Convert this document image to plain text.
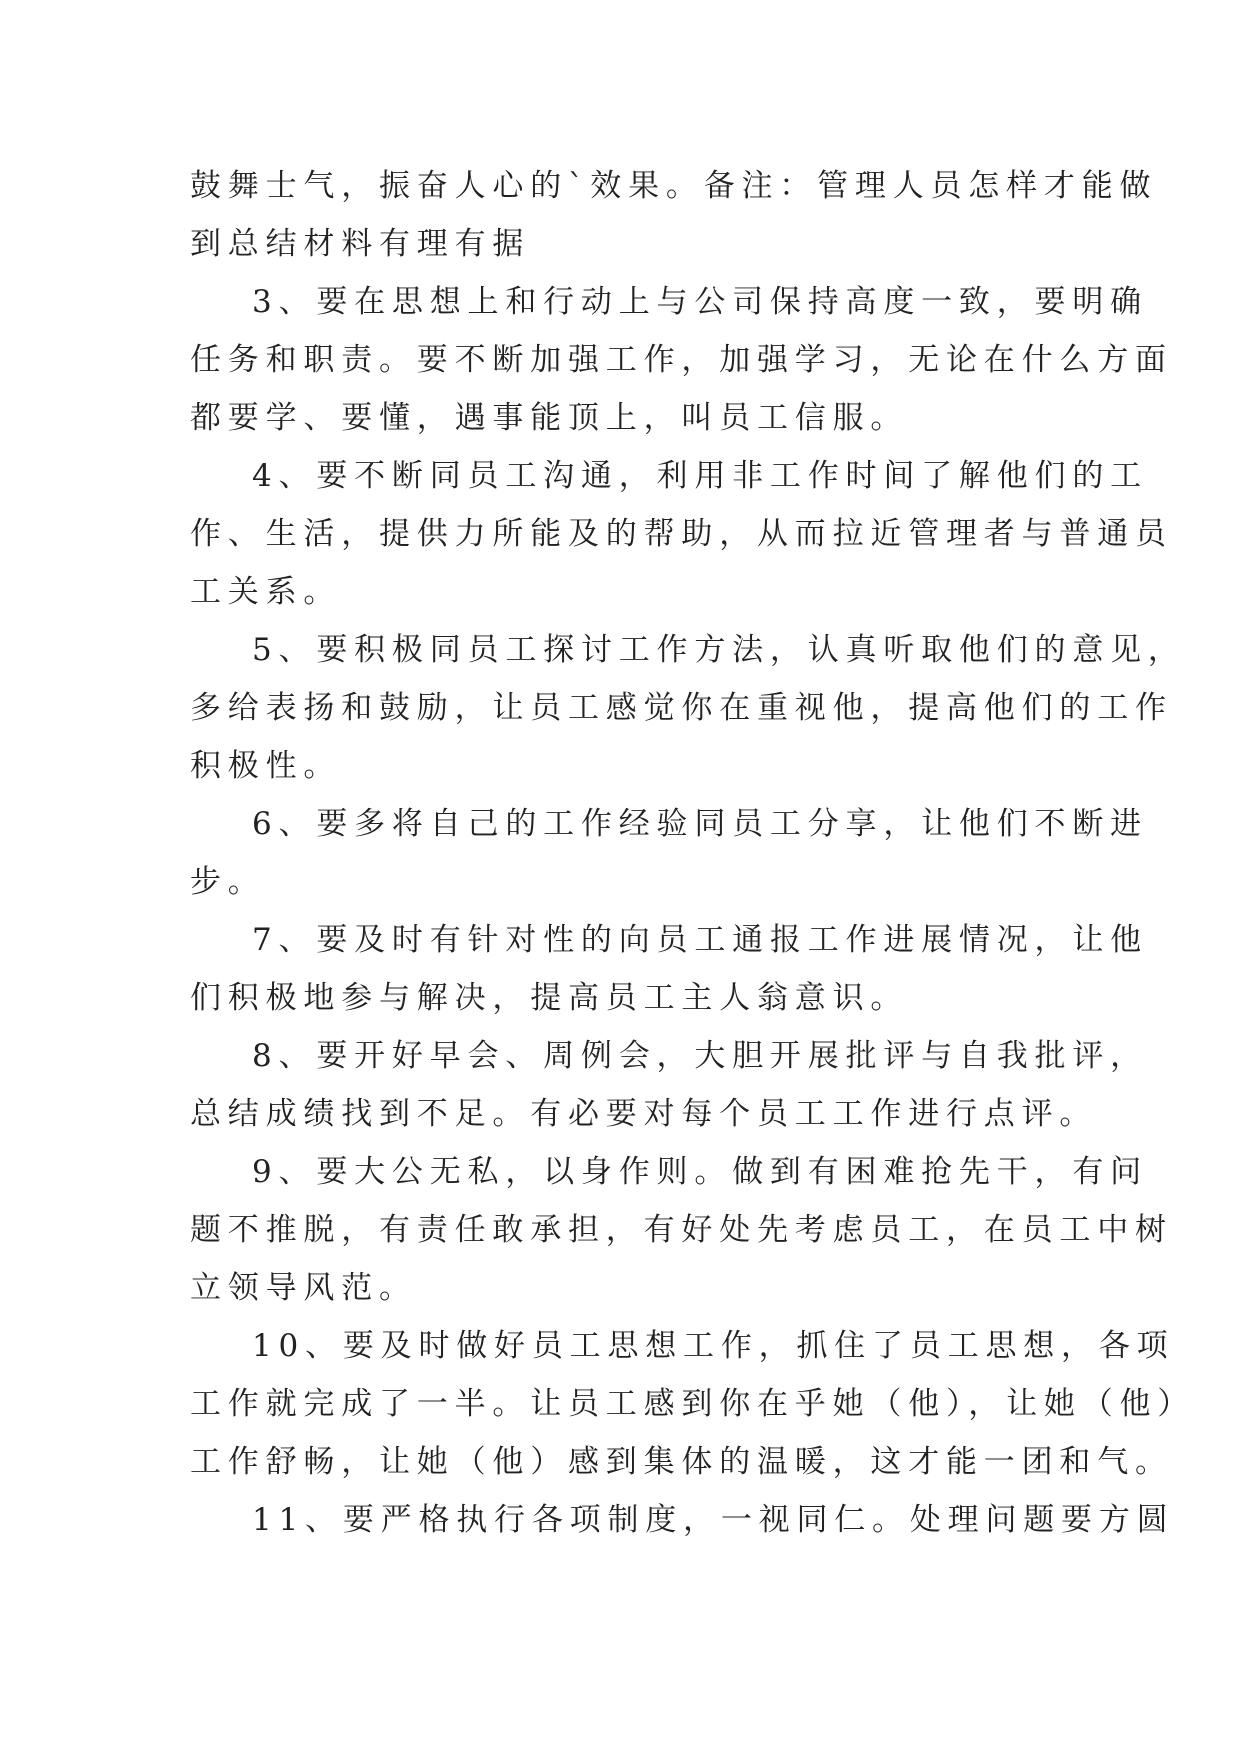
鼓舞士气，振奋人心的`效果。备注：管理人员怎样才能做
到总结材料有理有据
3、要在思想上和行动上与公司保持高度一致，要明确
任务和职责。要不断加强工作，加强学习，无论在什么方面
都要学、要懂，遇事能顶上，叫员工信服。
4、要不断同员工沟通，利用非工作时间了解他们的工
作、生活，提供力所能及的帮助，从而拉近管理者与普通员
工关系。
5、要积极同员工探讨工作方法，认真听取他们的意见，
多给表扬和鼓励，让员工感觉你在重视他，提高他们的工作
积极性。
6、要多将自己的工作经验同员工分享，让他们不断进
步。
7、要及时有针对性的向员工通报工作进展情况，让他
们积极地参与解决，提高员工主人翁意识。
8、要开好早会、周例会，大胆开展批评与自我批评，
总结成绩找到不足。有必要对每个员工工作进行点评。
9、要大公无私，以身作则。做到有困难抢先干，有问
题不推脱，有责任敢承担，有好处先考虑员工，在员工中树
立领导风范。
10、要及时做好员工思想工作，抓住了员工思想，各项
工作就完成了一半。让员工感到你在乎她（他），让她（他）
工作舒畅，让她（他）感到集体的温暖，这才能一团和气。
11、要严格执行各项制度，一视同仁。处理问题要方圆
